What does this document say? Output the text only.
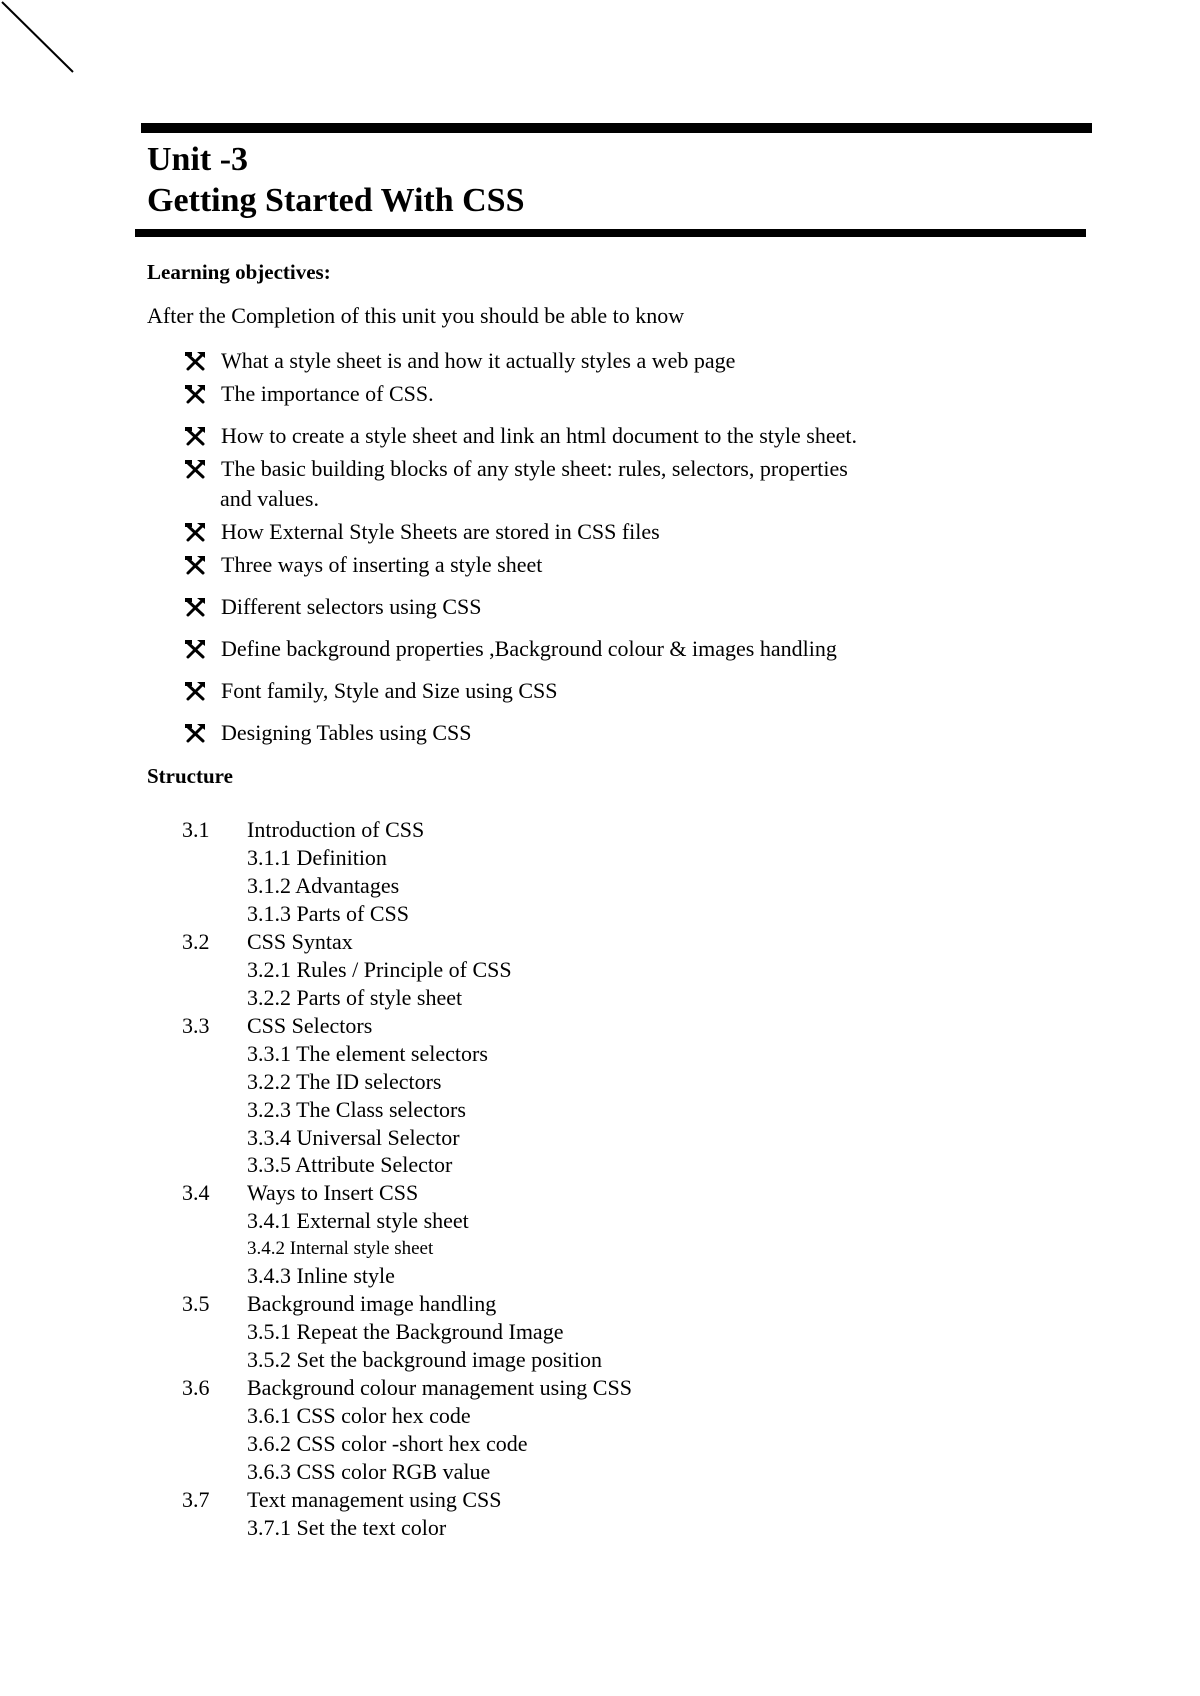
Unit -3
Getting Started With CSS
Learning objectives:
After the Completion of this unit you should be able to know
What a style sheet is and how it actually styles a web page
The importance of CSS.
How to create a style sheet and link an html document to the style sheet.
The basic building blocks of any style sheet: rules, selectors, properties
and values.
How External Style Sheets are stored in CSS files
Three ways of inserting a style sheet
Different selectors using CSS
Define background properties ,Background colour & images handling
Font family, Style and Size using CSS
Designing Tables using CSS
Structure
3.1 Introduction of CSS
3.1.1 Definition
3.1.2 Advantages
3.1.3 Parts of CSS
3.2 CSS Syntax
3.2.1 Rules / Principle of CSS
3.2.2 Parts of style sheet
3.3 CSS Selectors
3.3.1 The element selectors
3.2.2 The ID selectors
3.2.3 The Class selectors
3.3.4 Universal Selector
3.3.5 Attribute Selector
3.4 Ways to Insert CSS
3.4.1 External style sheet
3.4.2 Internal style sheet
3.4.3 Inline style
3.5 Background image handling
3.5.1 Repeat the Background Image
3.5.2 Set the background image position
3.6 Background colour management using CSS
3.6.1 CSS color hex code
3.6.2 CSS color -short hex code
3.6.3 CSS color RGB value
3.7 Text management using CSS
3.7.1 Set the text color
